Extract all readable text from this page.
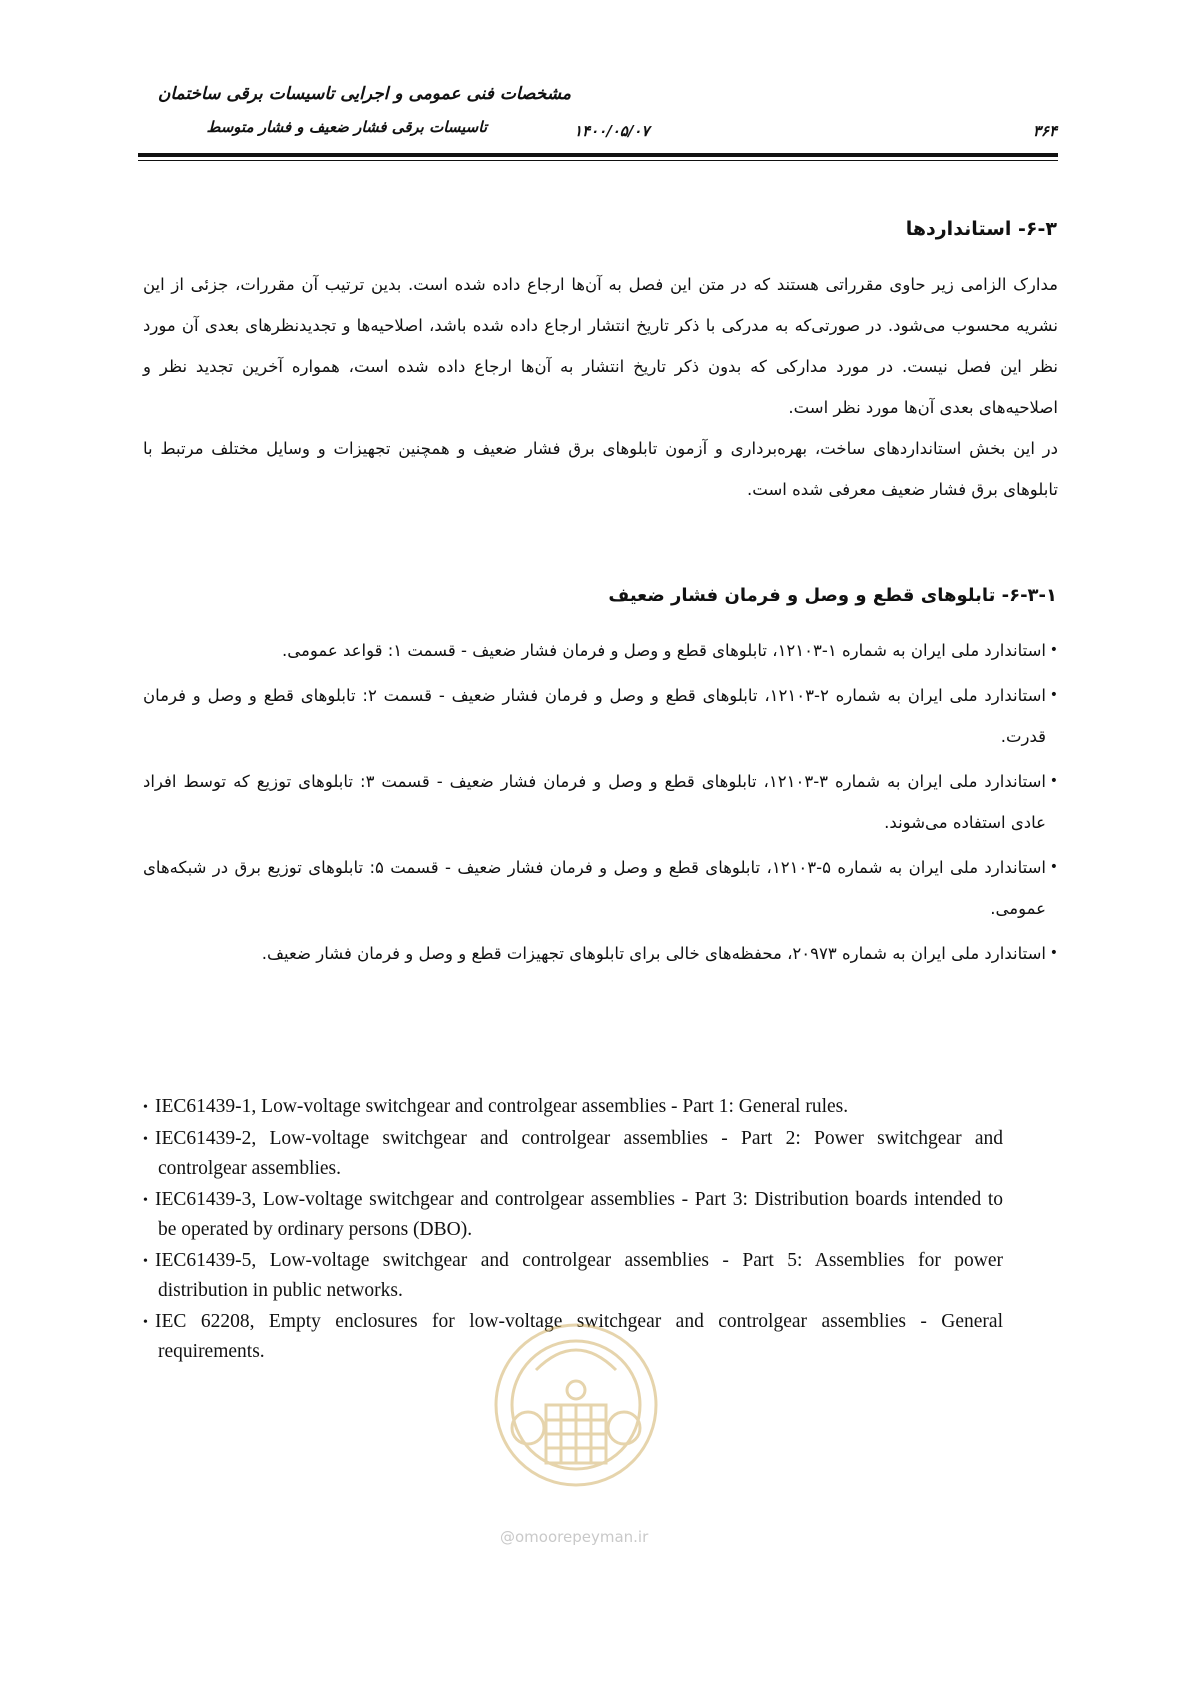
مشخصات فنی عمومی و اجرایی تاسیسات برقی ساختمان
تاسیسات برقی فشار ضعیف و فشار متوسط	۱۴۰۰/۰۵/۰۷	۳۶۴
۶-۳- استانداردها

مدارک الزامی زیر حاوی مقرراتی هستند که در متن این فصل به آن‌ها ارجاع داده شده است. بدین ترتیب آن مقررات، جزئی از این نشریه محسوب می‌شود. در صورتی‌که به مدرکی با ذکر تاریخ انتشار ارجاع داده شده باشد، اصلاحیه‌ها و تجدیدنظرهای بعدی آن مورد نظر این فصل نیست. در مورد مدارکی که بدون ذکر تاریخ انتشار به آن‌ها ارجاع داده شده است، همواره آخرین تجدید نظر و اصلاحیه‌های بعدی آن‌ها مورد نظر است.

در این بخش استانداردهای ساخت، بهره‌برداری و آزمون تابلوهای برق فشار ضعیف و همچنین تجهیزات و وسایل مختلف مرتبط با تابلوهای برق فشار ضعیف معرفی شده است.

۶-۳-۱- تابلوهای قطع و وصل و فرمان فشار ضعیف
•
استاندارد ملی ایران به شماره ۱-۱۲۱۰۳، تابلوهای قطع و وصل و فرمان فشار ضعیف - قسمت ۱: قواعد عمومی.
•
استاندارد ملی ایران به شماره ۲-۱۲۱۰۳، تابلوهای قطع و وصل و فرمان فشار ضعیف - قسمت ۲: تابلوهای قطع و وصل و فرمان قدرت.
•
استاندارد ملی ایران به شماره ۳-۱۲۱۰۳، تابلوهای قطع و وصل و فرمان فشار ضعیف - قسمت ۳: تابلوهای توزیع که توسط افراد عادی استفاده می‌شوند.
•
استاندارد ملی ایران به شماره ۵-۱۲۱۰۳، تابلوهای قطع و وصل و فرمان فشار ضعیف - قسمت ۵: تابلوهای توزیع برق در شبکه‌های عمومی.
•
استاندارد ملی ایران به شماره ۲۰۹۷۳، محفظه‌های خالی برای تابلوهای تجهیزات قطع و وصل و فرمان فشار ضعیف.
• IEC61439-1, Low-voltage switchgear and controlgear assemblies - Part 1: General rules.
• IEC61439-2, Low-voltage switchgear and controlgear assemblies - Part 2: Power switchgear and controlgear assemblies.
• IEC61439-3, Low-voltage switchgear and controlgear assemblies - Part 3: Distribution boards intended to be operated by ordinary persons (DBO).
• IEC61439-5, Low-voltage switchgear and controlgear assemblies - Part 5: Assemblies for power distribution in public networks.
• IEC 62208, Empty enclosures for low-voltage switchgear and controlgear assemblies - General requirements.
@omoorepeyman.ir
